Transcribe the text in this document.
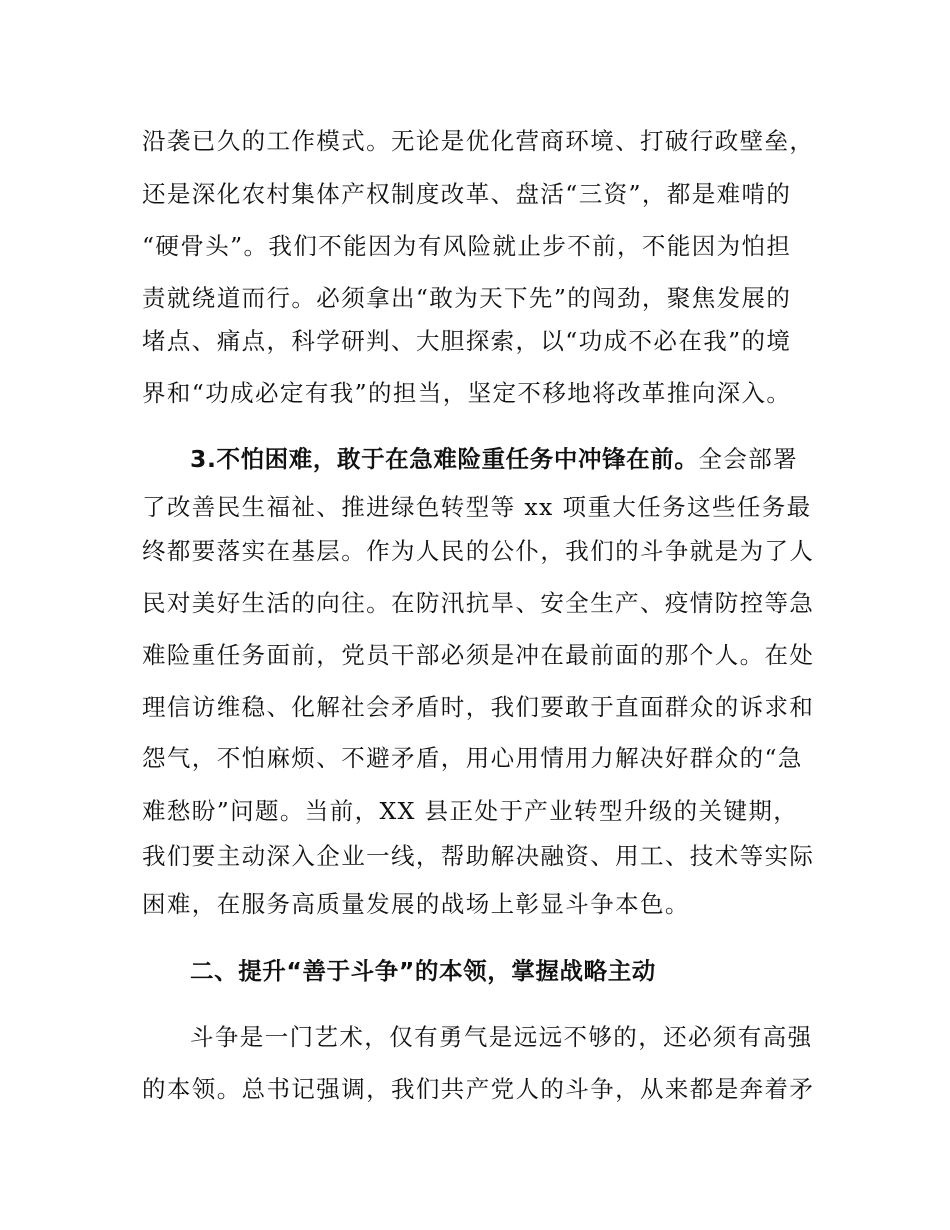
沿袭已久的工作模式。无论是优化营商环境、打破行政壁垒，
还是深化农村集体产权制度改革、盘活“三资”，都是难啃的
“硬骨头”。我们不能因为有风险就止步不前，不能因为怕担
责就绕道而行。必须拿出“敢为天下先”的闯劲，聚焦发展的
堵点、痛点，科学研判、大胆探索，以“功成不必在我”的境
界和“功成必定有我”的担当，坚定不移地将改革推向深入。
3.不怕困难，敢于在急难险重任务中冲锋在前。全会部署
了改善民生福祉、推进绿色转型等 xx 项重大任务这些任务最
终都要落实在基层。作为人民的公仆，我们的斗争就是为了人
民对美好生活的向往。在防汛抗旱、安全生产、疫情防控等急
难险重任务面前，党员干部必须是冲在最前面的那个人。在处
理信访维稳、化解社会矛盾时，我们要敢于直面群众的诉求和
怨气，不怕麻烦、不避矛盾，用心用情用力解决好群众的“急
难愁盼”问题。当前，XX 县正处于产业转型升级的关键期，
我们要主动深入企业一线，帮助解决融资、用工、技术等实际
困难，在服务高质量发展的战场上彰显斗争本色。
二、提升“善于斗争”的本领，掌握战略主动
斗争是一门艺术，仅有勇气是远远不够的，还必须有高强
的本领。总书记强调，我们共产党人的斗争，从来都是奔着矛
